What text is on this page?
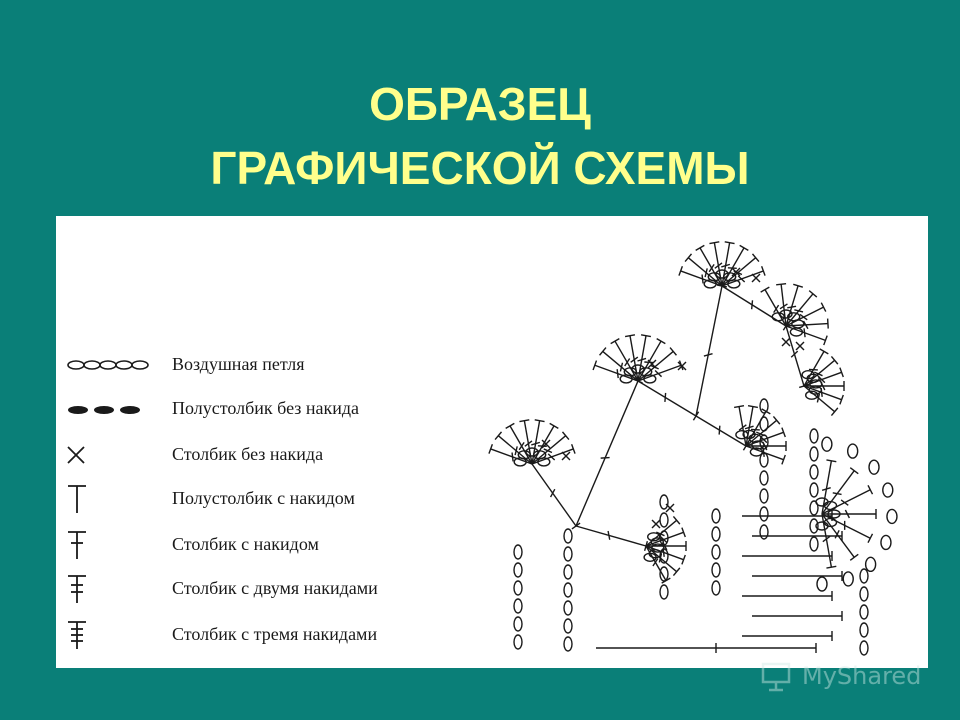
ОБРАЗЕЦ
ГРАФИЧЕСКОЙ СХЕМЫ
Воздушная петля
Полустолбик без накида
Столбик без накида
Полустолбик с накидом
Столбик с накидом
Столбик с двумя накидами
Столбик с тремя накидами
MyShared
